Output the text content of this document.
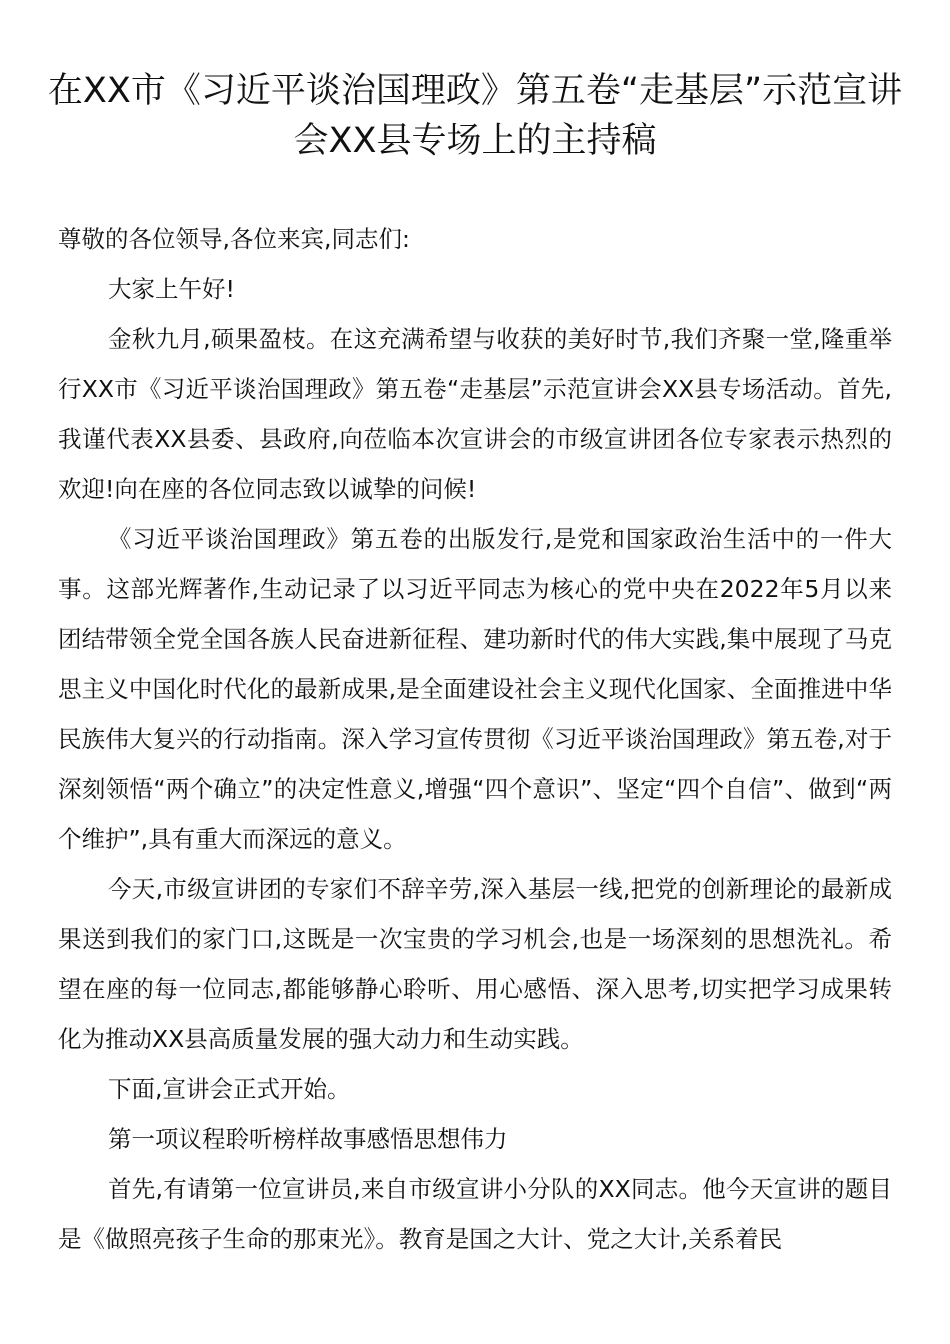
在XX市《习近平谈治国理政》第五卷“走基层”示范宣讲会XX县专场上的主持稿

尊敬的各位领导,各位来宾,同志们:

大家上午好!

金秋九月,硕果盈枝。在这充满希望与收获的美好时节,我们齐聚一堂,隆重举行XX市《习近平谈治国理政》第五卷“走基层”示范宣讲会XX县专场活动。首先,我谨代表XX县委、县政府,向莅临本次宣讲会的市级宣讲团各位专家表示热烈的欢迎!向在座的各位同志致以诚挚的问候!

《习近平谈治国理政》第五卷的出版发行,是党和国家政治生活中的一件大事。这部光辉著作,生动记录了以习近平同志为核心的党中央在2022年5月以来团结带领全党全国各族人民奋进新征程、建功新时代的伟大实践,集中展现了马克思主义中国化时代化的最新成果,是全面建设社会主义现代化国家、全面推进中华民族伟大复兴的行动指南。深入学习宣传贯彻《习近平谈治国理政》第五卷,对于深刻领悟“两个确立”的决定性意义,增强“四个意识”、坚定“四个自信”、做到“两个维护”,具有重大而深远的意义。

今天,市级宣讲团的专家们不辞辛劳,深入基层一线,把党的创新理论的最新成果送到我们的家门口,这既是一次宝贵的学习机会,也是一场深刻的思想洗礼。希望在座的每一位同志,都能够静心聆听、用心感悟、深入思考,切实把学习成果转化为推动XX县高质量发展的强大动力和生动实践。

下面,宣讲会正式开始。

第一项议程聆听榜样故事感悟思想伟力

首先,有请第一位宣讲员,来自市级宣讲小分队的XX同志。他今天宣讲的题目是《做照亮孩子生命的那束光》。教育是国之大计、党之大计,关系着民
